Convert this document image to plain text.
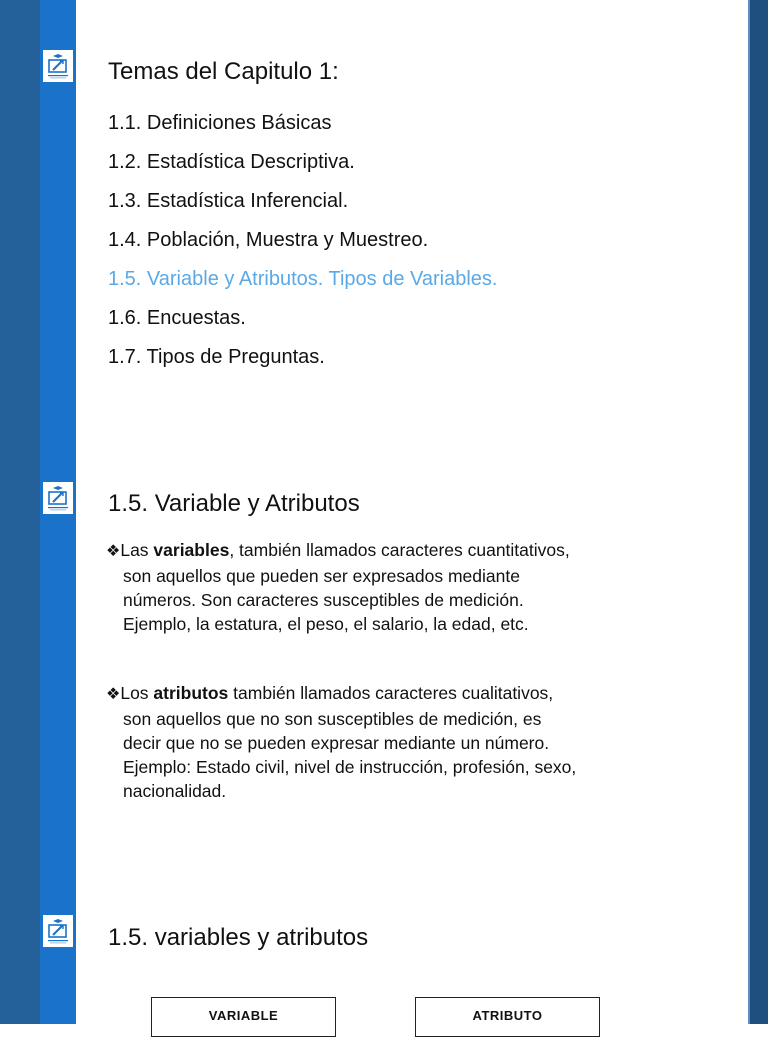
Temas del Capitulo 1:
1.1. Definiciones Básicas
1.2. Estadística Descriptiva.
1.3. Estadística Inferencial.
1.4. Población, Muestra y Muestreo.
1.5. Variable y Atributos. Tipos de Variables.
1.6. Encuestas.
1.7. Tipos de Preguntas.
1.5. Variable y Atributos
❖Las variables, también llamados caracteres cuantitativos,
son aquellos que pueden ser expresados mediante
números. Son caracteres susceptibles de medición.
Ejemplo, la estatura, el peso, el salario, la edad, etc.
❖Los atributos también llamados caracteres cualitativos,
son aquellos que no son susceptibles de medición, es
decir que no se pueden expresar mediante un número.
Ejemplo: Estado civil, nivel de instrucción, profesión, sexo,
nacionalidad.
1.5. variables y atributos
VARIABLE	ATRIBUTO
